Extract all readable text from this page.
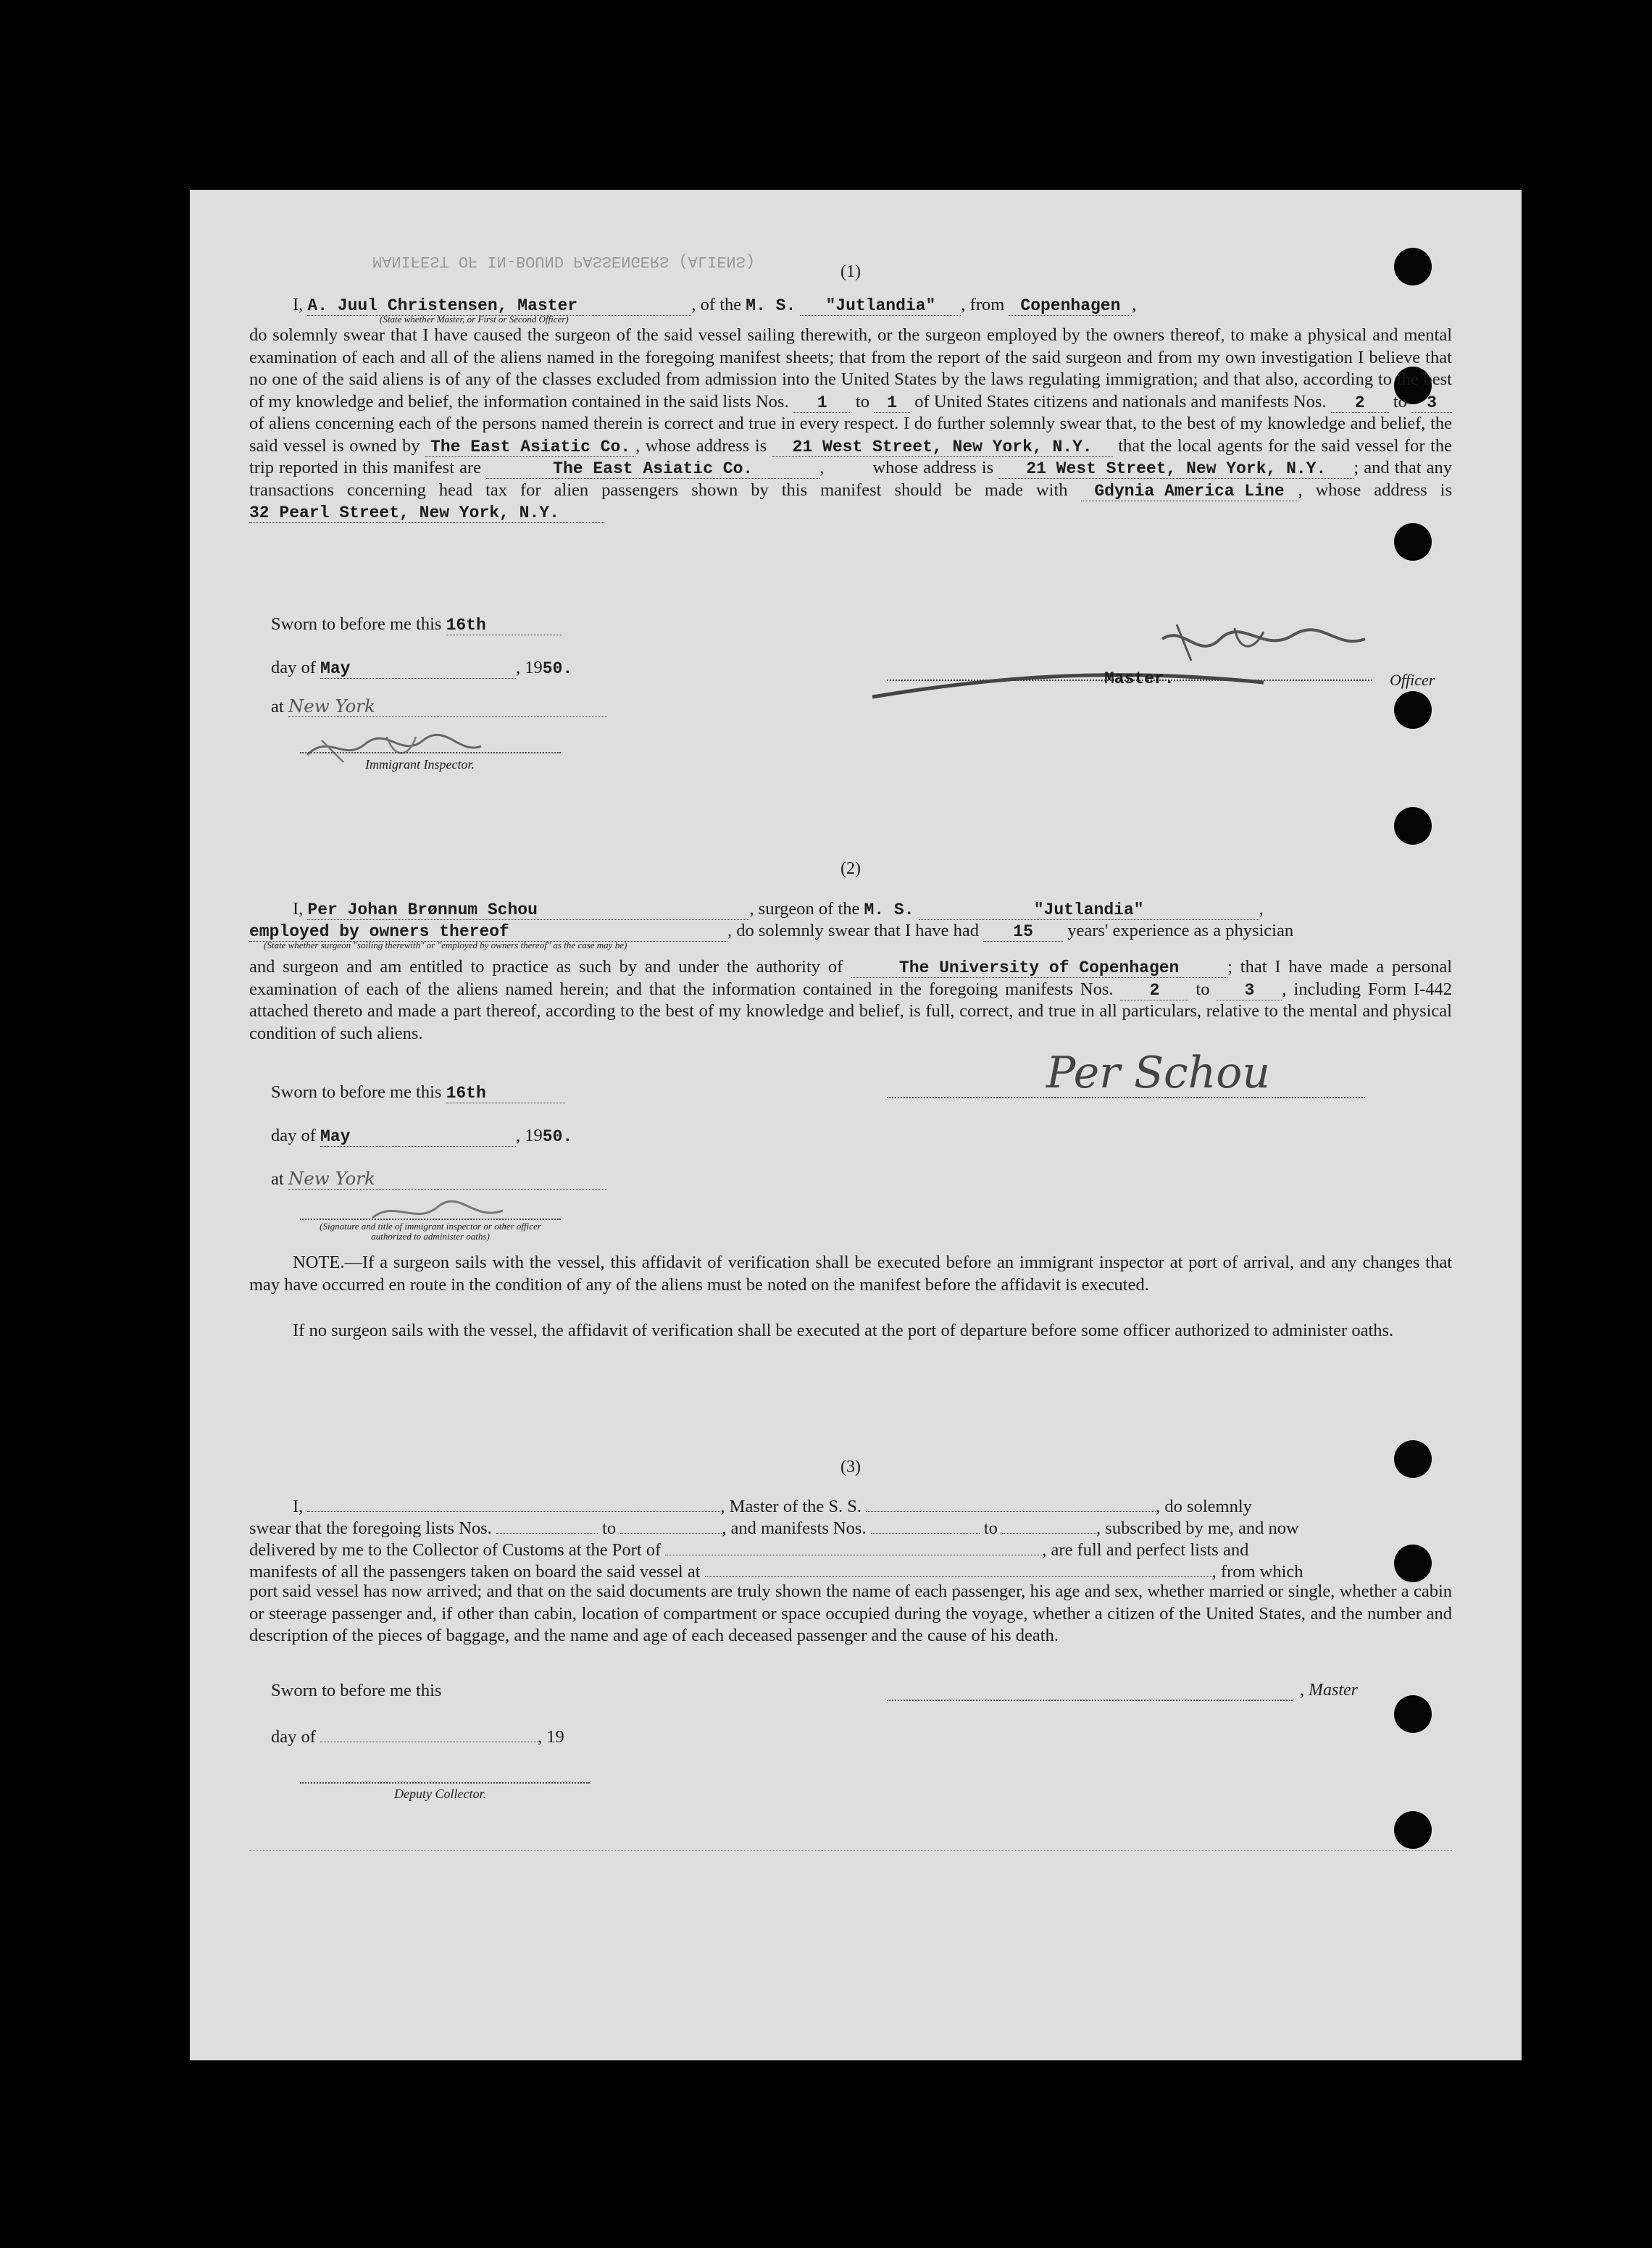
MANIFEST OF IN-BOUND PASSENGERS (ALIENS)
(1)
I, A. Juul Christensen, Master	, of the M. S. "Jutlandia" , from Copenhagen ,
(State whether Master, or First or Second Officer)

do solemnly swear that I have caused the surgeon of the said vessel sailing therewith, or the surgeon employed by the owners thereof, to make a physical and mental examination of each and all of the aliens named in the foregoing manifest sheets; that from the report of the said surgeon and from my own investigation I believe that no one of the said aliens is of any of the classes excluded from admission into the United States by the laws regulating immigration; and that also, according to the best of my knowledge and belief, the information contained in the said lists Nos. 1 to 1 of United States citizens and nationals and manifests Nos. 2 to 3 of aliens concerning each of the persons named therein is correct and true in every respect. I do further solemnly swear that, to the best of my knowledge and belief, the said vessel is owned by The East Asiatic Co. , whose address is 21 West Street, New York, N.Y. that the local agents for the said vessel for the trip reported in this manifest are	The East Asiatic Co.	, whose address is 21 West Street, New York, N.Y. ; and that any transactions concerning head tax for alien passengers shown by this manifest should be made with Gdynia America Line , whose address is 32 Pearl Street, New York, N.Y.

Sworn to before me this 16th
day of May	, 1950.
at New York
Immigrant Inspector.
Master.	Officer
(2)
I, Per Johan Brønnum Schou	, surgeon of the M. S.	"Jutlandia"	,
employed by owners thereof	, do solemnly swear that I have had 15 years' experience as a physician
(State whether surgeon "sailing therewith" or "employed by owners thereof" as the case may be)

and surgeon and am entitled to practice as such by and under the authority of	The University of Copenhagen	; that I have made a personal examination of each of the aliens named herein; and that the information contained in the foregoing manifests Nos. 2 to 3 , including Form I-442 attached thereto and made a part thereof, according to the best of my knowledge and belief, is full, correct, and true in all particulars, relative to the mental and physical condition of such aliens.

Sworn to before me this 16th
day of May	, 1950.
at New York
(Signature and title of immigrant inspector or other officer authorized to administer oaths)
Per Schou

NOTE.—If a surgeon sails with the vessel, this affidavit of verification shall be executed before an immigrant inspector at port of arrival, and any changes that may have occurred en route in the condition of any of the aliens must be noted on the manifest before the affidavit is executed.

If no surgeon sails with the vessel, the affidavit of verification shall be executed at the port of departure before some officer authorized to administer oaths.

(3)
I,	, Master of the S. S.	, do solemnly
swear that the foregoing lists Nos.	to	, and manifests Nos.	to	, subscribed by me, and now
delivered by me to the Collector of Customs at the Port of	, are full and perfect lists and
manifests of all the passengers taken on board the said vessel at	, from which

port said vessel has now arrived; and that on the said documents are truly shown the name of each passenger, his age and sex, whether married or single, whether a cabin or steerage passenger and, if other than cabin, location of compartment or space occupied during the voyage, whether a citizen of the United States, and the number and description of the pieces of baggage, and the name and age of each deceased passenger and the cause of his death.

Sworn to before me this	, Master
day of	, 19
Deputy Collector.
